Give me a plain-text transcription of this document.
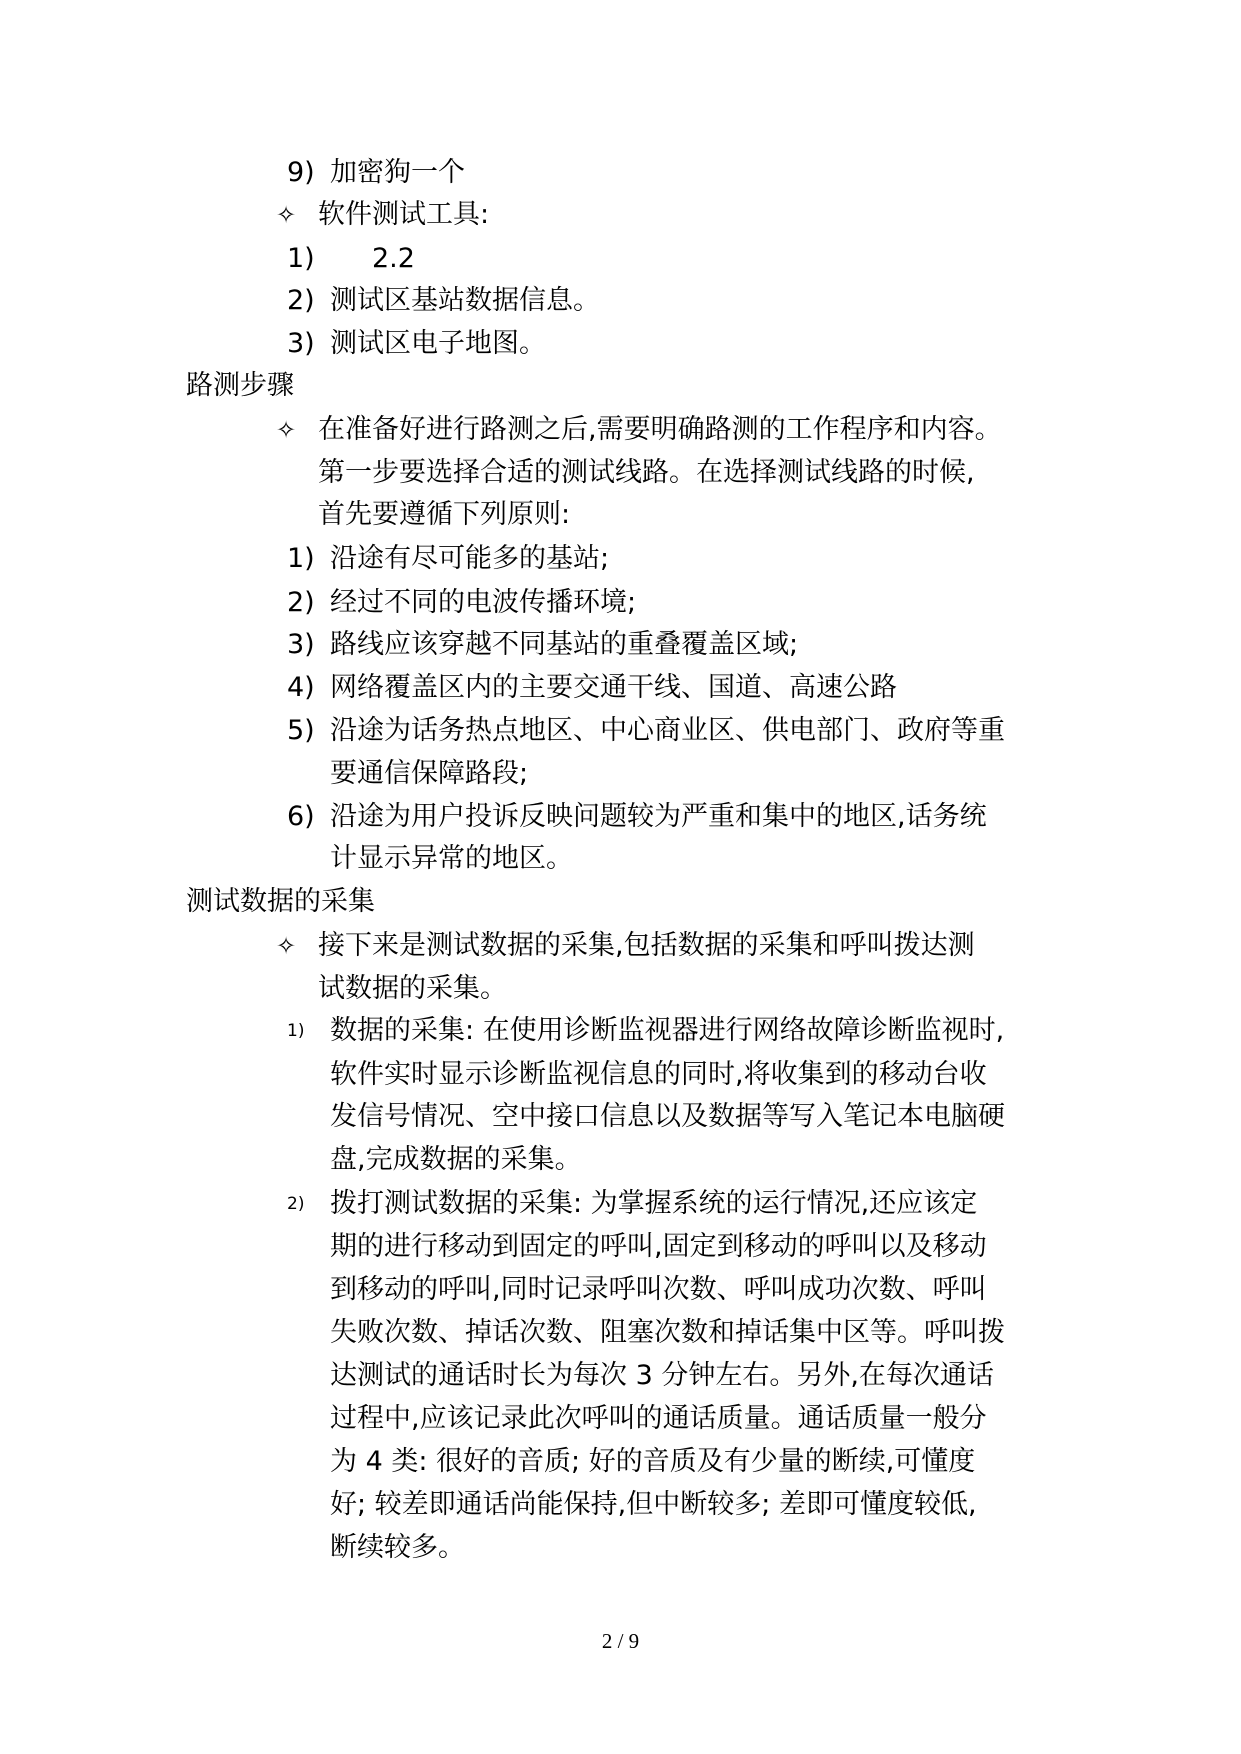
9) 加密狗一个
✧ 软件测试工具:
1) 2.2
2) 测试区基站数据信息。
3) 测试区电子地图。
路测步骤
✧ 在准备好进行路测之后,需要明确路测的工作程序和内容。
第一步要选择合适的测试线路。在选择测试线路的时候,
首先要遵循下列原则:
1) 沿途有尽可能多的基站;
2) 经过不同的电波传播环境;
3) 路线应该穿越不同基站的重叠覆盖区域;
4) 网络覆盖区内的主要交通干线、国道、高速公路
5) 沿途为话务热点地区、中心商业区、供电部门、政府等重
要通信保障路段;
6) 沿途为用户投诉反映问题较为严重和集中的地区,话务统
计显示异常的地区。
测试数据的采集
✧ 接下来是测试数据的采集,包括数据的采集和呼叫拨达测
试数据的采集。
1) 数据的采集: 在使用诊断监视器进行网络故障诊断监视时,
软件实时显示诊断监视信息的同时,将收集到的移动台收
发信号情况、空中接口信息以及数据等写入笔记本电脑硬
盘,完成数据的采集。
2) 拨打测试数据的采集: 为掌握系统的运行情况,还应该定
期的进行移动到固定的呼叫,固定到移动的呼叫以及移动
到移动的呼叫,同时记录呼叫次数、呼叫成功次数、呼叫
失败次数、掉话次数、阻塞次数和掉话集中区等。呼叫拨
达测试的通话时长为每次 3 分钟左右。另外,在每次通话
过程中,应该记录此次呼叫的通话质量。通话质量一般分
为 4 类: 很好的音质; 好的音质及有少量的断续,可懂度
好; 较差即通话尚能保持,但中断较多; 差即可懂度较低,
断续较多。
2 / 9
